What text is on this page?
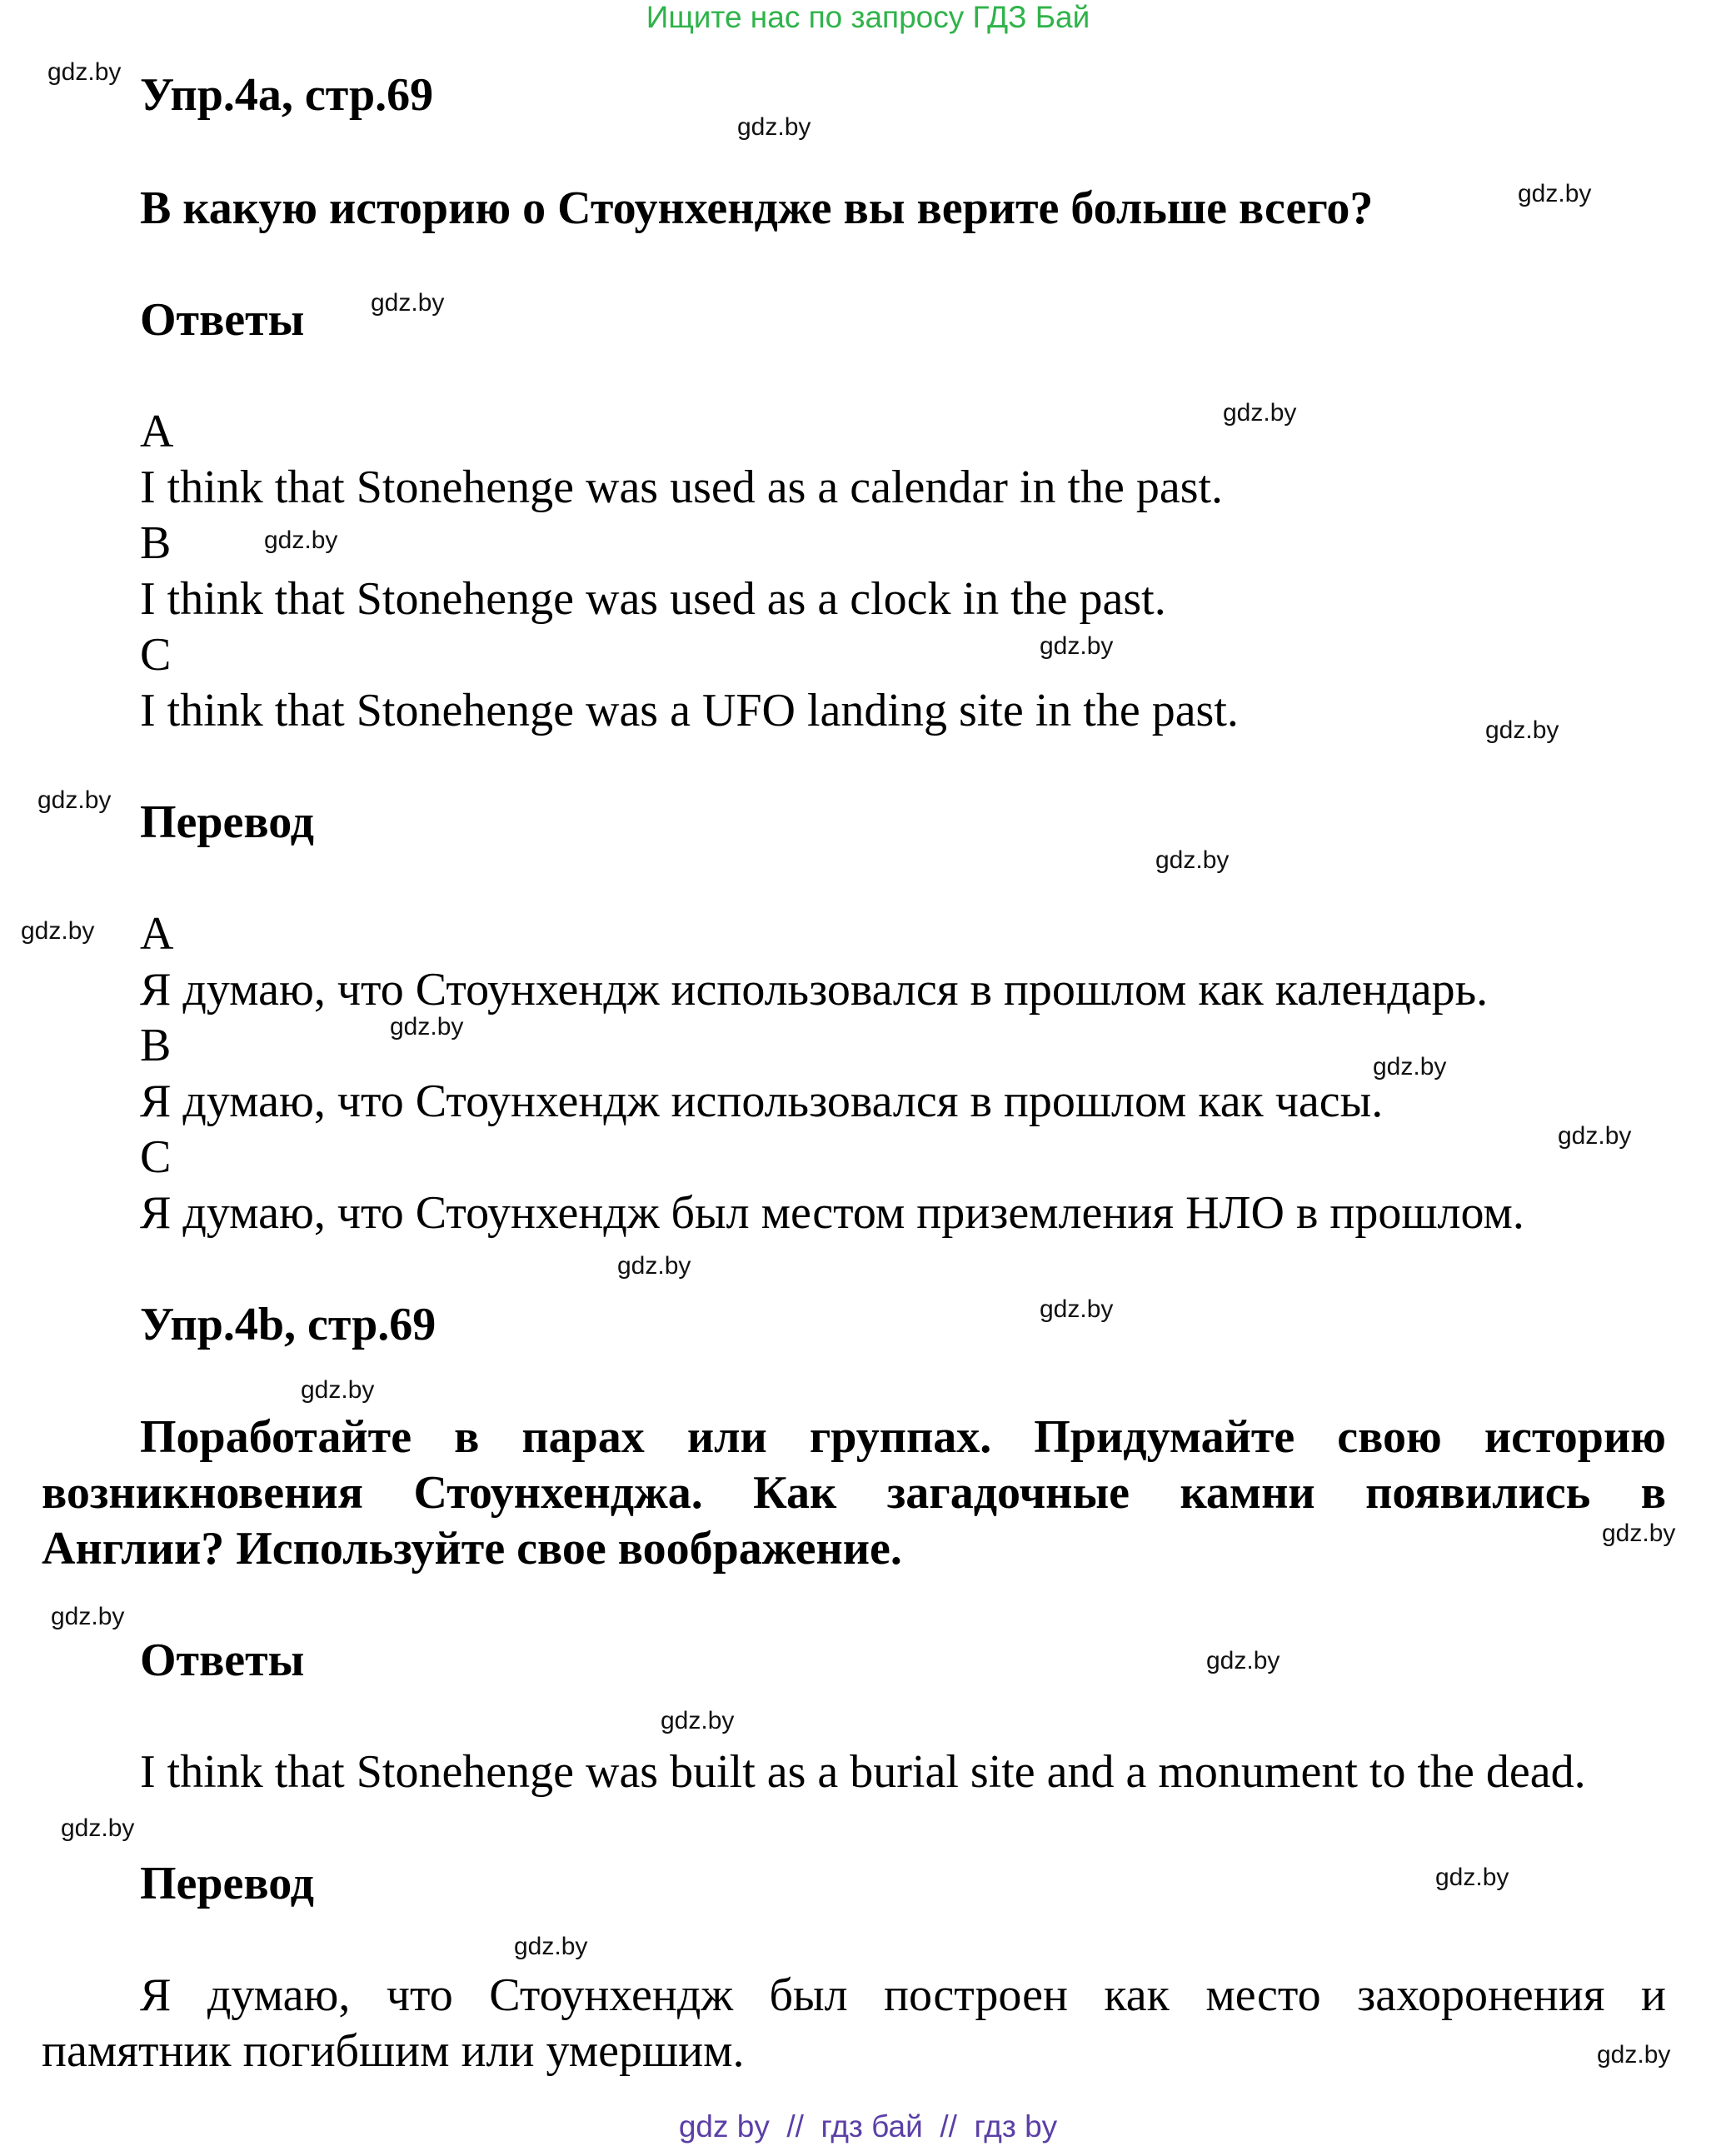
Ищите нас по запросу ГДЗ Бай
Упр.4а, стр.69
В какую историю о Стоунхендже вы верите больше всего?
Ответы
A
I think that Stonehenge was used as a calendar in the past.
B
I think that Stonehenge was used as a clock in the past.
C
I think that Stonehenge was a UFO landing site in the past.
Перевод
А
Я думаю, что Стоунхендж использовался в прошлом как календарь.
В
Я думаю, что Стоунхендж использовался в прошлом как часы.
С
Я думаю, что Стоунхендж был местом приземления НЛО в прошлом.
Упр.4b, стр.69
Поработайте в парах или группах. Придумайте свою историю
возникновения Стоунхенджа. Как загадочные камни появились в
Англии? Используйте свое воображение.
Ответы
I think that Stonehenge was built as a burial site and a monument to the dead.
Перевод
Я думаю, что Стоунхендж был построен как место захоронения и
памятник погибшим или умершим.
gdz.by
gdz.by
gdz.by
gdz.by
gdz.by
gdz.by
gdz.by
gdz.by
gdz.by
gdz.by
gdz.by
gdz.by
gdz.by
gdz.by
gdz.by
gdz.by
gdz.by
gdz.by
gdz.by
gdz.by
gdz.by
gdz.by
gdz.by
gdz.by
gdz.by
gdz by  //  гдз бай  //  гдз by
